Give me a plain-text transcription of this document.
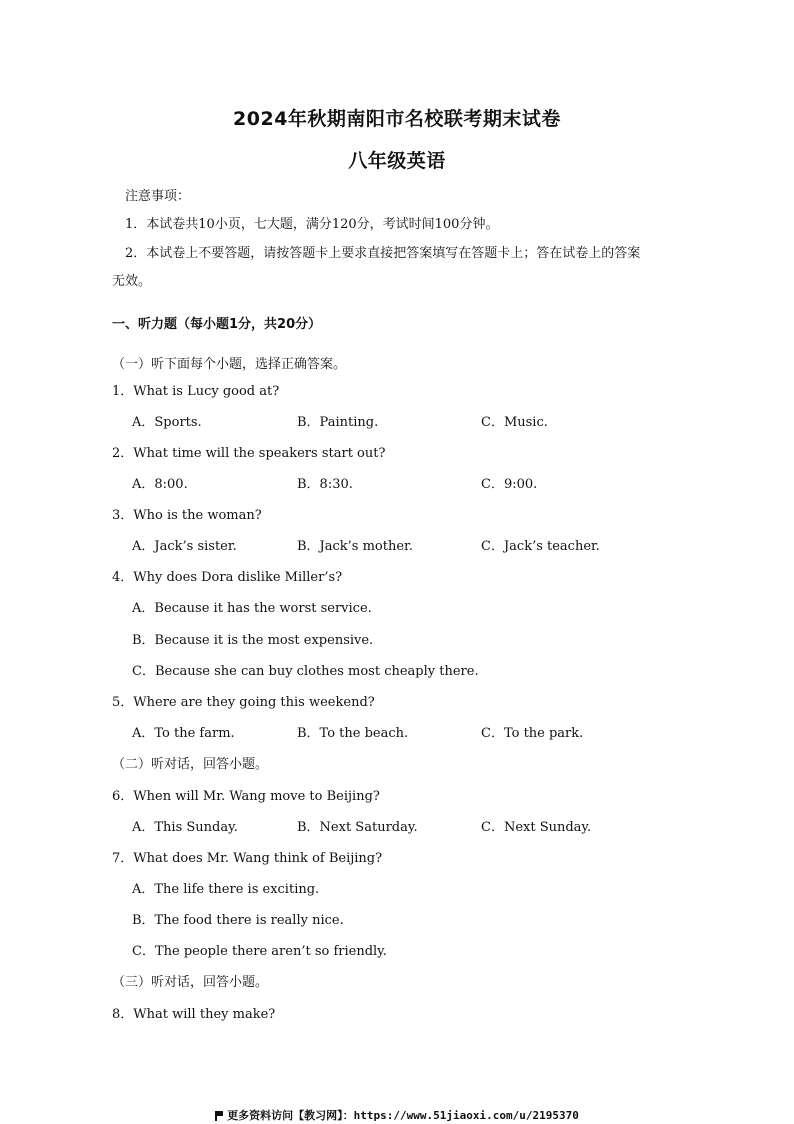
2024年秋期南阳市名校联考期末试卷
八年级英语
注意事项：
1．本试卷共10小页，七大题，满分120分，考试时间100分钟。
2．本试卷上不要答题，请按答题卡上要求直接把答案填写在答题卡上；答在试卷上的答案
无效。
一、听力题（每小题1分，共20分）
（一）听下面每个小题，选择正确答案。
1．What is Lucy good at?
A．Sports.	B．Painting.	C．Music.
2．What time will the speakers start out?
A．8:00.	B．8:30.	C．9:00.
3．Who is the woman?
A．Jack’s sister.	B．Jack’s mother.	C．Jack’s teacher.
4．Why does Dora dislike Miller’s?
A．Because it has the worst service.
B．Because it is the most expensive.
C．Because she can buy clothes most cheaply there.
5．Where are they going this weekend?
A．To the farm.	B．To the beach.	C．To the park.
（二）听对话，回答小题。
6．When will Mr. Wang move to Beijing?
A．This Sunday.	B．Next Saturday.	C．Next Sunday.
7．What does Mr. Wang think of Beijing?
A．The life there is exciting.
B．The food there is really nice.
C．The people there aren’t so friendly.
（三）听对话，回答小题。
8．What will they make?
更多资料访问【教习网】：https://www.51jiaoxi.com/u/2195370
